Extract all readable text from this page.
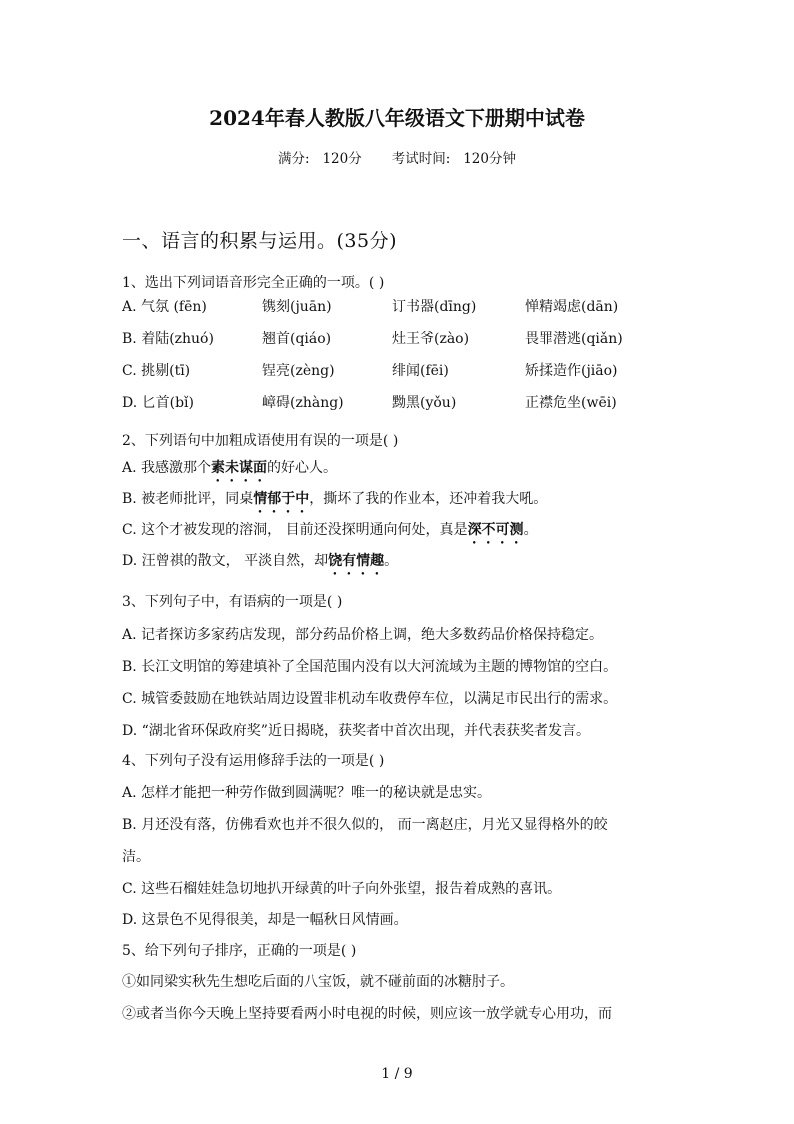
2024年春人教版八年级语文下册期中试卷
满分: 120分 考试时间: 120分钟
一、语言的积累与运用。(35分)
1、选出下列词语音形完全正确的一项。( )
A. 气氛 (fēn)	镌刻(juān)	订书器(dīng)	惮精竭虑(dān)
B. 着陆(zhuó)	翘首(qiáo)	灶王爷(zào)	畏罪潜逃(qiǎn)
C. 挑剔(tī)	锃亮(zèng)	绯闻(fēi)	矫揉造作(jiāo)
D. 匕首(bǐ)	嶂碍(zhàng)	黝黑(yǒu)	正襟危坐(wēi)
2、下列语句中加粗成语使用有误的一项是( )
A. 我感激那个素未谋面的好心人。
B. 被老师批评，同桌情郁于中，撕坏了我的作业本，还冲着我大吼。
C. 这个才被发现的溶洞， 目前还没探明通向何处，真是深不可测。
D. 汪曾祺的散文， 平淡自然，却饶有情趣。
3、下列句子中，有语病的一项是( )
A. 记者探访多家药店发现，部分药品价格上调，绝大多数药品价格保持稳定。
B. 长江文明馆的筹建填补了全国范围内没有以大河流域为主题的博物馆的空白。
C. 城管委鼓励在地铁站周边设置非机动车收费停车位，以满足市民出行的需求。
D. “湖北省环保政府奖”近日揭晓，获奖者中首次出现，并代表获奖者发言。
4、下列句子没有运用修辞手法的一项是( )
A. 怎样才能把一种劳作做到圆满呢？唯一的秘诀就是忠实。
B. 月还没有落，仿佛看欢也并不很久似的， 而一离赵庄，月光又显得格外的皎
洁。
C. 这些石榴娃娃急切地扒开绿黄的叶子向外张望，报告着成熟的喜讯。
D. 这景色不见得很美，却是一幅秋日风情画。
5、给下列句子排序，正确的一项是( )
①如同梁实秋先生想吃后面的八宝饭，就不碰前面的冰糖肘子。
②或者当你今天晚上坚持要看两小时电视的时候，则应该一放学就专心用功，而
1 / 9
